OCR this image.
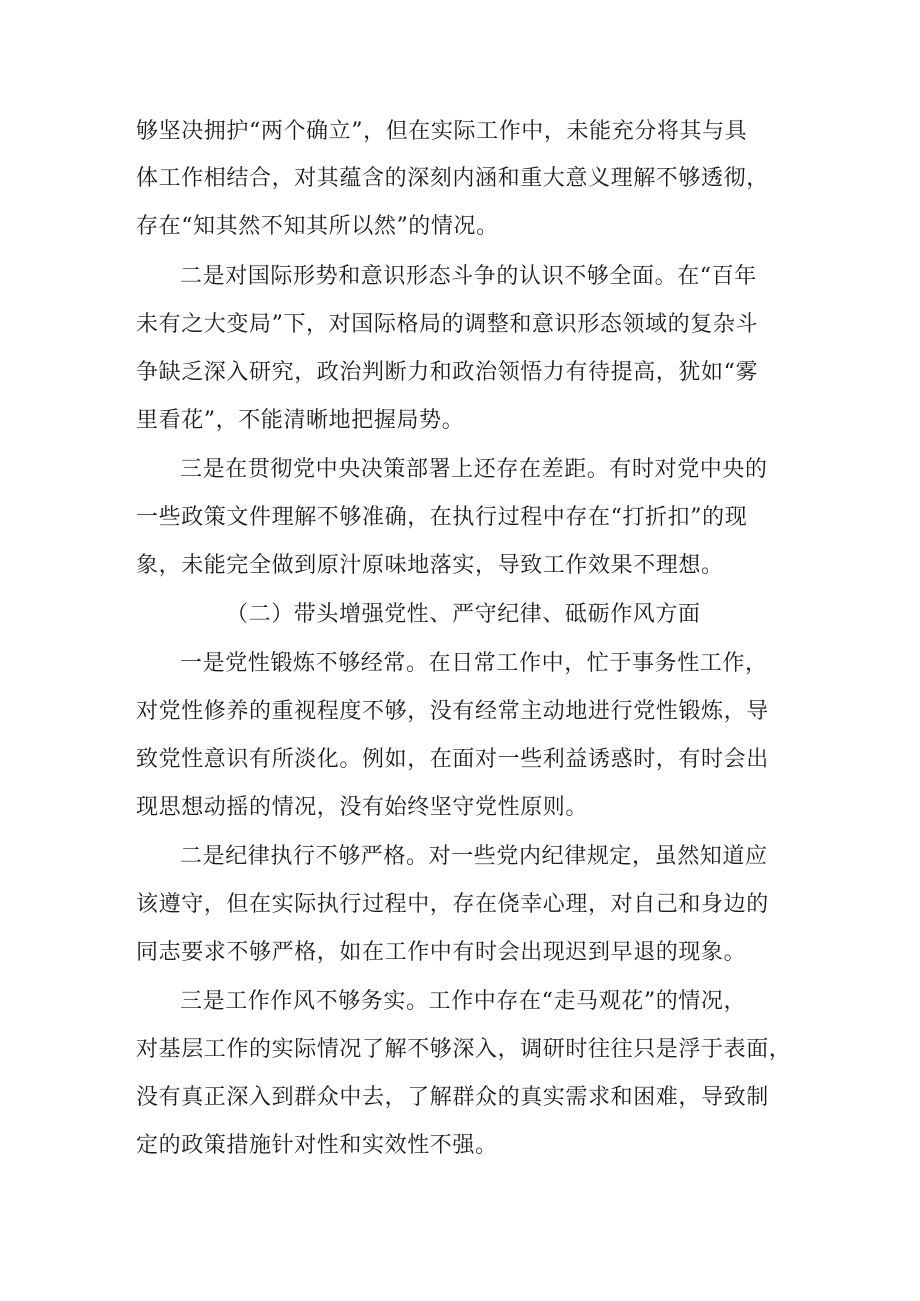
够坚决拥护“两个确立”，但在实际工作中，未能充分将其与具
体工作相结合，对其蕴含的深刻内涵和重大意义理解不够透彻，
存在“知其然不知其所以然”的情况。
二是对国际形势和意识形态斗争的认识不够全面。在“百年
未有之大变局”下，对国际格局的调整和意识形态领域的复杂斗
争缺乏深入研究，政治判断力和政治领悟力有待提高，犹如“雾
里看花”，不能清晰地把握局势。
三是在贯彻党中央决策部署上还存在差距。有时对党中央的
一些政策文件理解不够准确，在执行过程中存在“打折扣”的现
象，未能完全做到原汁原味地落实，导致工作效果不理想。
（二）带头增强党性、严守纪律、砥砺作风方面
一是党性锻炼不够经常。在日常工作中，忙于事务性工作，
对党性修养的重视程度不够，没有经常主动地进行党性锻炼，导
致党性意识有所淡化。例如，在面对一些利益诱惑时，有时会出
现思想动摇的情况，没有始终坚守党性原则。
二是纪律执行不够严格。对一些党内纪律规定，虽然知道应
该遵守，但在实际执行过程中，存在侥幸心理，对自己和身边的
同志要求不够严格，如在工作中有时会出现迟到早退的现象。
三是工作作风不够务实。工作中存在“走马观花”的情况，
对基层工作的实际情况了解不够深入，调研时往往只是浮于表面，
没有真正深入到群众中去，了解群众的真实需求和困难，导致制
定的政策措施针对性和实效性不强。
